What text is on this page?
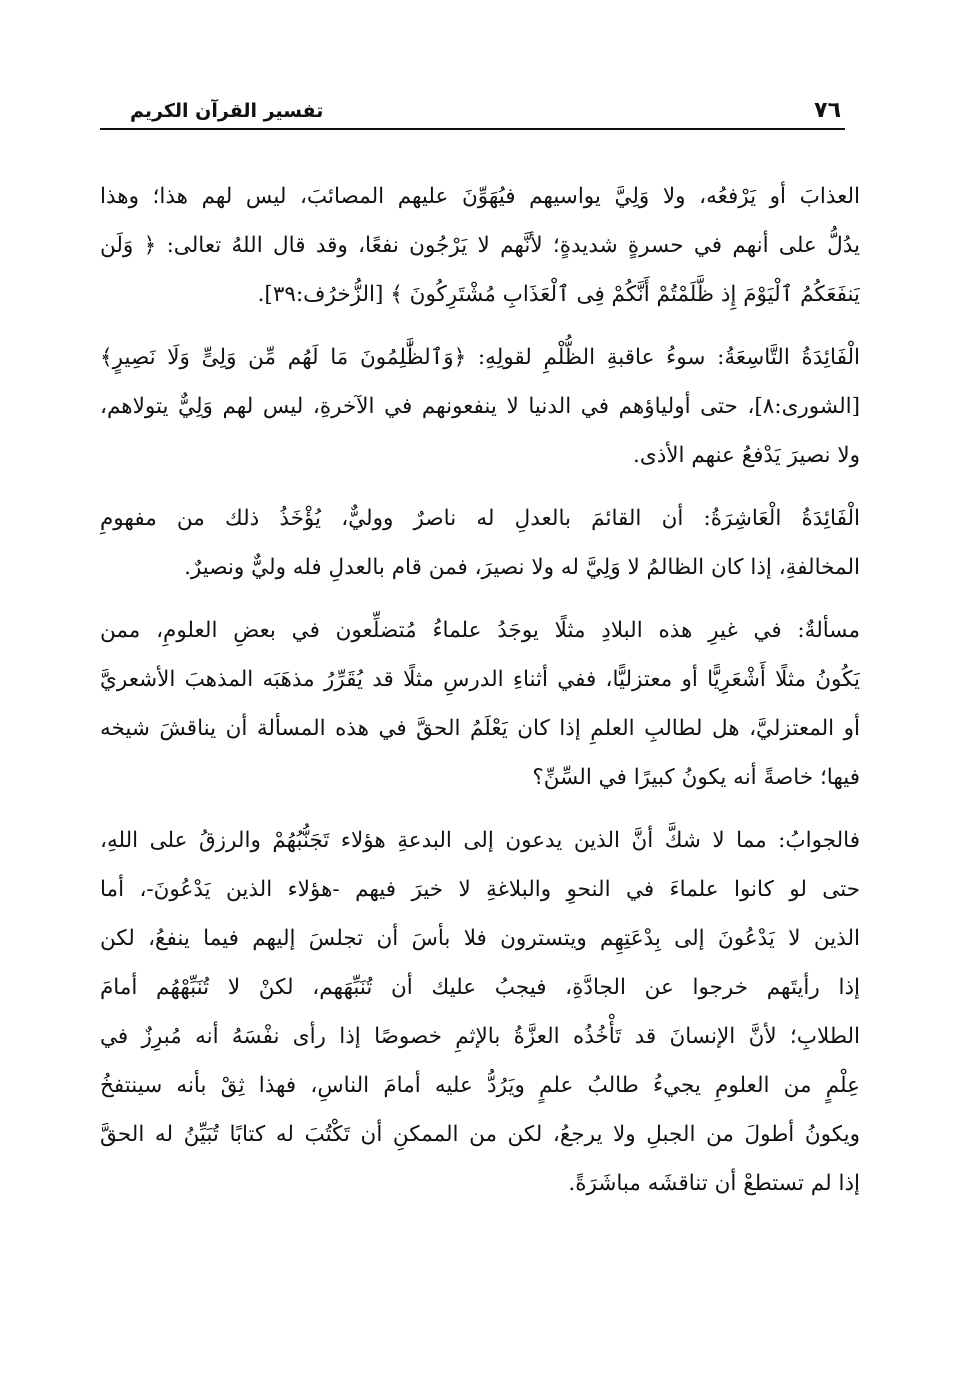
٧٦
تفسير القرآن الكريم

العذابَ أو يَرْفعُه، ولا وَلِيَّ يواسيهم فيُهَوِّنَ عليهم المصائبَ، ليس لهم هذا؛ وهذا
يدُلُّ على أنهم في حسرةٍ شديدةٍ؛ لأنَّهم لا يَرْجُون نفعًا، وقد قال اللهُ تعالى: ﴿ وَلَن
يَنفَعَكُمُ ٱلْيَوْمَ إِذ ظَّلَمْتُمْ أَنَّكُمْ فِى ٱلْعَذَابِ مُشْتَرِكُونَ ﴾ [الزُّخرُف:٣٩].

الْفَائِدَةُ التَّاسِعَةُ: سوءُ عاقبةِ الظُّلْمِ لقولِهِ: ﴿وَٱلظَّٰلِمُونَ مَا لَهُم مِّن وَلِىٍّ وَلَا نَصِيرٍ﴾
[الشورى:٨]، حتى أولياؤهم في الدنيا لا ينفعونهم في الآخرةِ، ليس لهم وَلِيٌّ يتولاهم،
ولا نصيرَ يَدْفعُ عنهم الأذى.

الْفَائِدَةُ الْعَاشِرَةُ: أن القائمَ بالعدلِ له ناصرٌ ووليٌّ، يُؤْخَذُ ذلك من مفهومِ
المخالفةِ، إذا كان الظالمُ لا وَلِيَّ له ولا نصيرَ، فمن قام بالعدلِ فله وليٌّ ونصيرٌ.

مسألةٌ: في غيرِ هذه البلادِ مثلًا يوجَدُ علماءُ مُتضلِّعون في بعضِ العلومِ، ممن
يَكُونُ مثلًا أَشْعَرِيًّا أو معتزليًّا، ففي أثناءِ الدرسِ مثلًا قد يُقَرِّرُ مذهَبَه المذهبَ الأشعريَّ
أو المعتزليَّ، هل لطالبِ العلمِ إذا كان يَعْلَمُ الحقَّ في هذه المسألة أن يناقشَ شيخه
فيها؛ خاصةً أنه يكونُ كبيرًا في السِّنِّ؟

فالجوابُ: مما لا شكَّ أنَّ الذين يدعون إلى البدعةِ هؤلاء تَجَنُّبُهُمْ والرزقُ على اللهِ،
حتى لو كانوا علماءَ في النحوِ والبلاغةِ لا خيرَ فيهم -هؤلاء الذين يَدْعُونَ-، أما
الذين لا يَدْعُونَ إلى بِدْعَتِهِم ويتسترون فلا بأسَ أن تجلسَ إليهم فيما ينفعُ، لكن
إذا رأيتَهم خرجوا عن الجادَّةِ، فيجبُ عليك أن تُنَبِّهَهم، لكنْ لا تُنَبِّهْهُم أمامَ
الطلابِ؛ لأنَّ الإنسانَ قد تَأْخُذُه العزَّةُ بالإثمِ خصوصًا إذا رأى نفْسَهُ أنه مُبرِزٌ في
عِلْمٍ من العلومِ يجيءُ طالبُ علمٍ ويَرُدُّ عليه أمامَ الناسِ، فهذا ثِقْ بأنه سينتفخُ
ويكونُ أطولَ من الجبلِ ولا يرجعُ، لكن من الممكنِ أن تَكْتُبَ له كتابًا تُبَيِّنُ له الحقَّ
إذا لم تستطعْ أن تناقشَه مباشَرَةً.
